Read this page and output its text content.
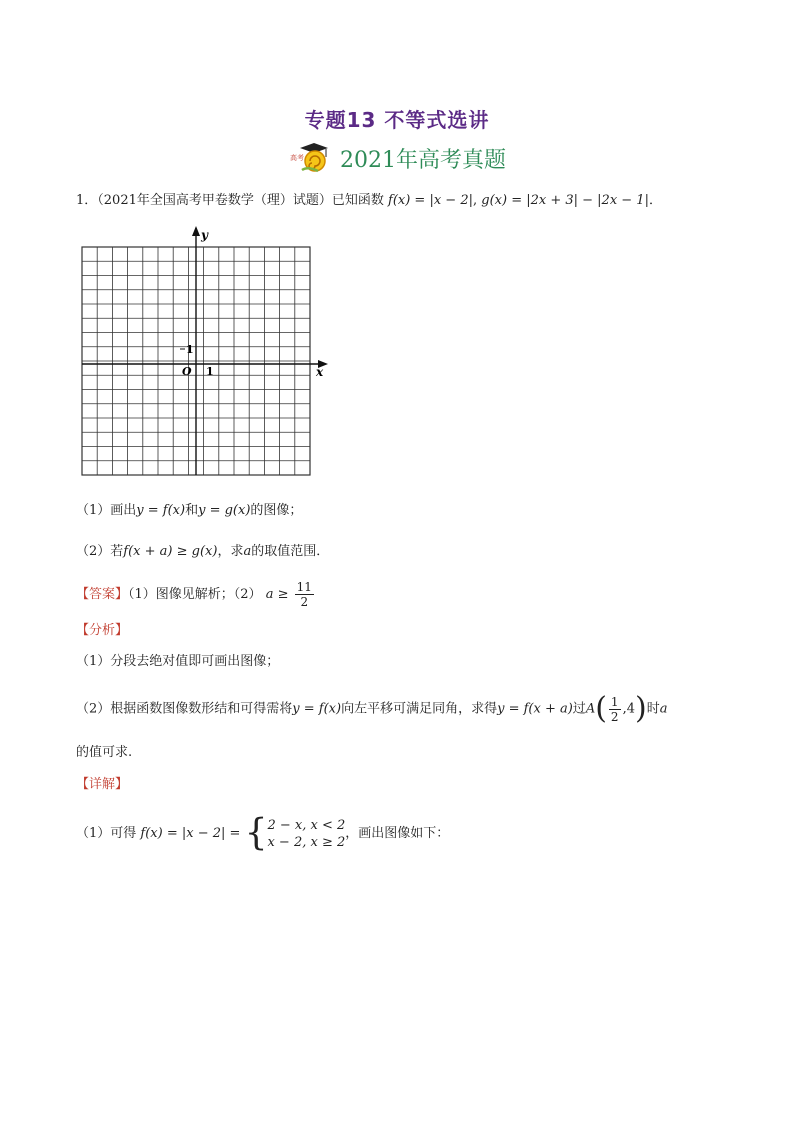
专题13 不等式选讲
高考 2021年高考真题
1．（2021年全国高考甲卷数学（理）试题）已知函数 f(x) = |x − 2|, g(x) = |2x + 3| − |2x − 1|．
y
x
O 1
1
（1）画出y = f(x)和y = g(x)的图像；
（2）若f(x + a) ≥ g(x)，求a的取值范围．
【答案】（1）图像见解析；（2） $a \ge \frac{11}{2}$
【分析】
（1）分段去绝对值即可画出图像；
（2）根据函数图像数形结和可得需将y = f(x)向左平移可满足同角，求得y = f(x + a)过$A( \frac{1}{2} ,4)$时a
的值可求.
【详解】
（1）可得 f(x) = |x − 2| = { 2 − x, x < 2
x − 2, x ≥ 2
，画出图像如下：
